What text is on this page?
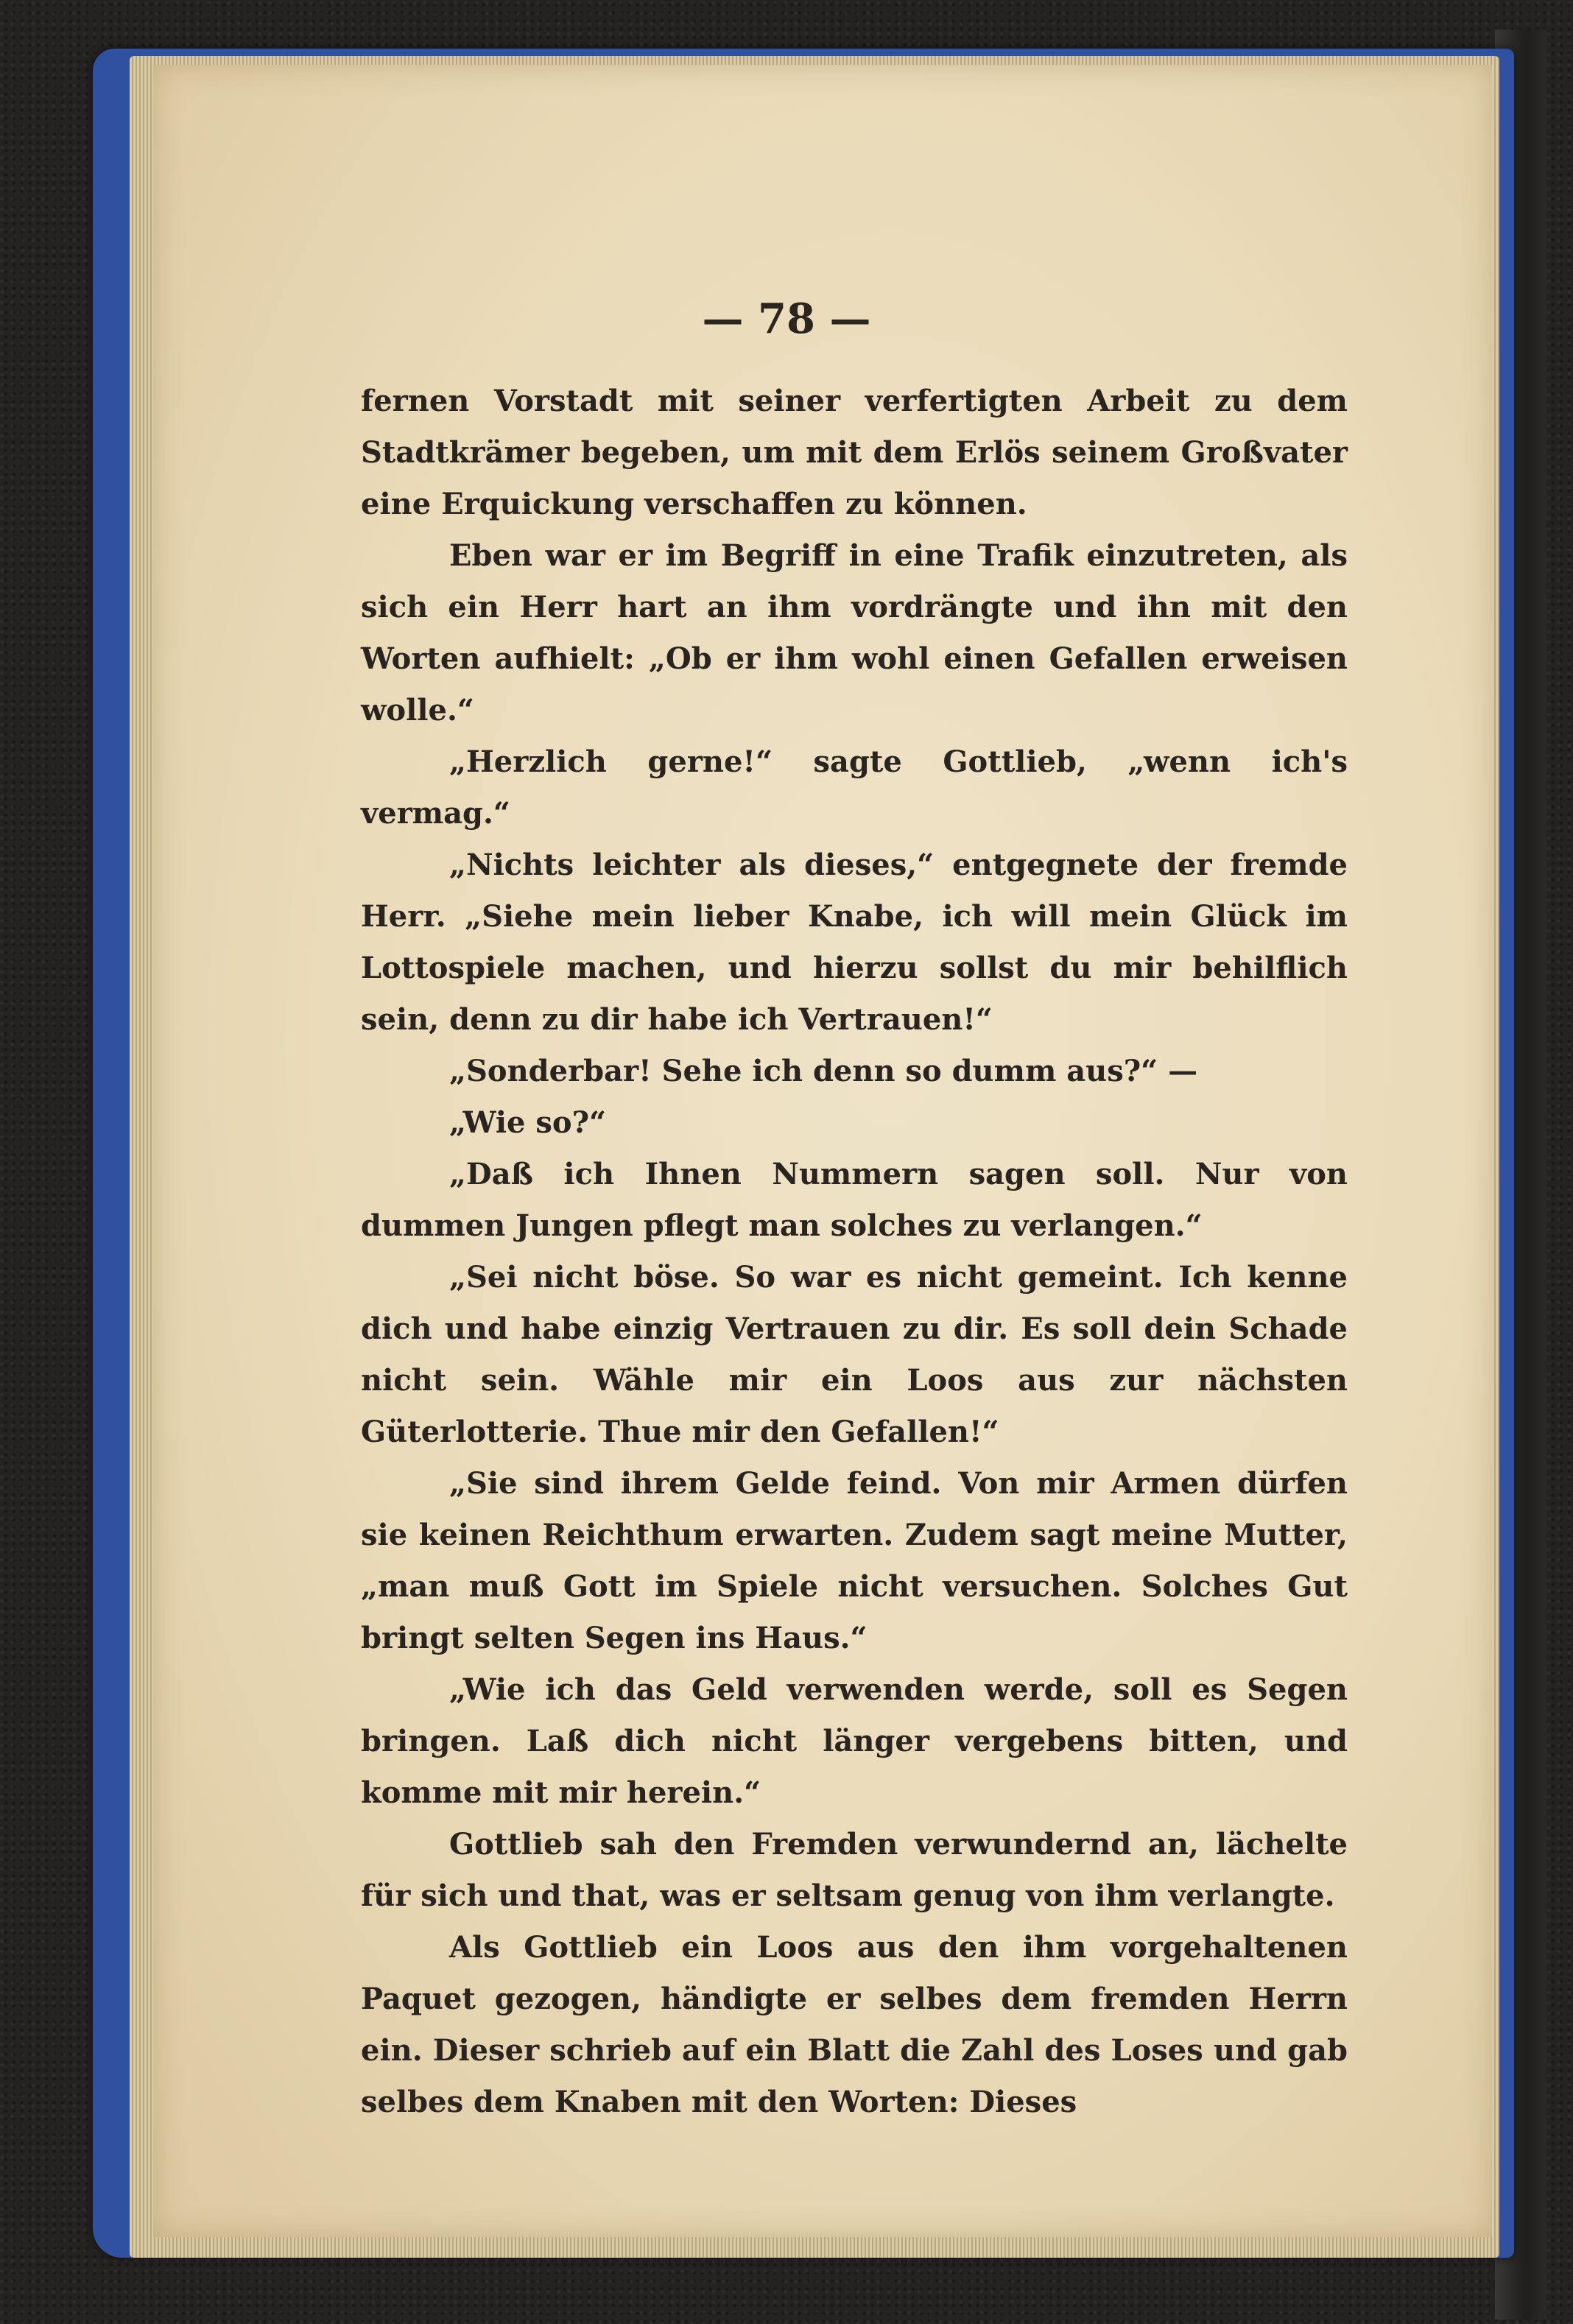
— 78 —

fernen Vorstadt mit seiner verfertigten Arbeit zu dem Stadtkrämer begeben, um mit dem Erlös seinem Großvater eine Erquickung verschaffen zu können.

Eben war er im Begriff in eine Trafik einzutreten, als sich ein Herr hart an ihm vordrängte und ihn mit den Worten aufhielt: „Ob er ihm wohl einen Gefallen erweisen wolle.“

„Herzlich gerne!“ sagte Gottlieb, „wenn ich's vermag.“

„Nichts leichter als dieses,“ entgegnete der fremde Herr. „Siehe mein lieber Knabe, ich will mein Glück im Lottospiele machen, und hierzu sollst du mir behilflich sein, denn zu dir habe ich Vertrauen!“

„Sonderbar! Sehe ich denn so dumm aus?“ —

„Wie so?“

„Daß ich Ihnen Nummern sagen soll. Nur von dummen Jungen pflegt man solches zu verlangen.“

„Sei nicht böse. So war es nicht gemeint. Ich kenne dich und habe einzig Vertrauen zu dir. Es soll dein Schade nicht sein. Wähle mir ein Loos aus zur nächsten Güterlotterie. Thue mir den Gefallen!“

„Sie sind ihrem Gelde feind. Von mir Armen dürfen sie keinen Reichthum erwarten. Zudem sagt meine Mutter, „man muß Gott im Spiele nicht versuchen. Solches Gut bringt selten Segen ins Haus.“

„Wie ich das Geld verwenden werde, soll es Segen bringen. Laß dich nicht länger vergebens bitten, und komme mit mir herein.“

Gottlieb sah den Fremden verwundernd an, lächelte für sich und that, was er seltsam genug von ihm verlangte.

Als Gottlieb ein Loos aus den ihm vorgehaltenen Paquet gezogen, händigte er selbes dem fremden Herrn ein. Dieser schrieb auf ein Blatt die Zahl des Loses und gab selbes dem Knaben mit den Worten: Dieses
